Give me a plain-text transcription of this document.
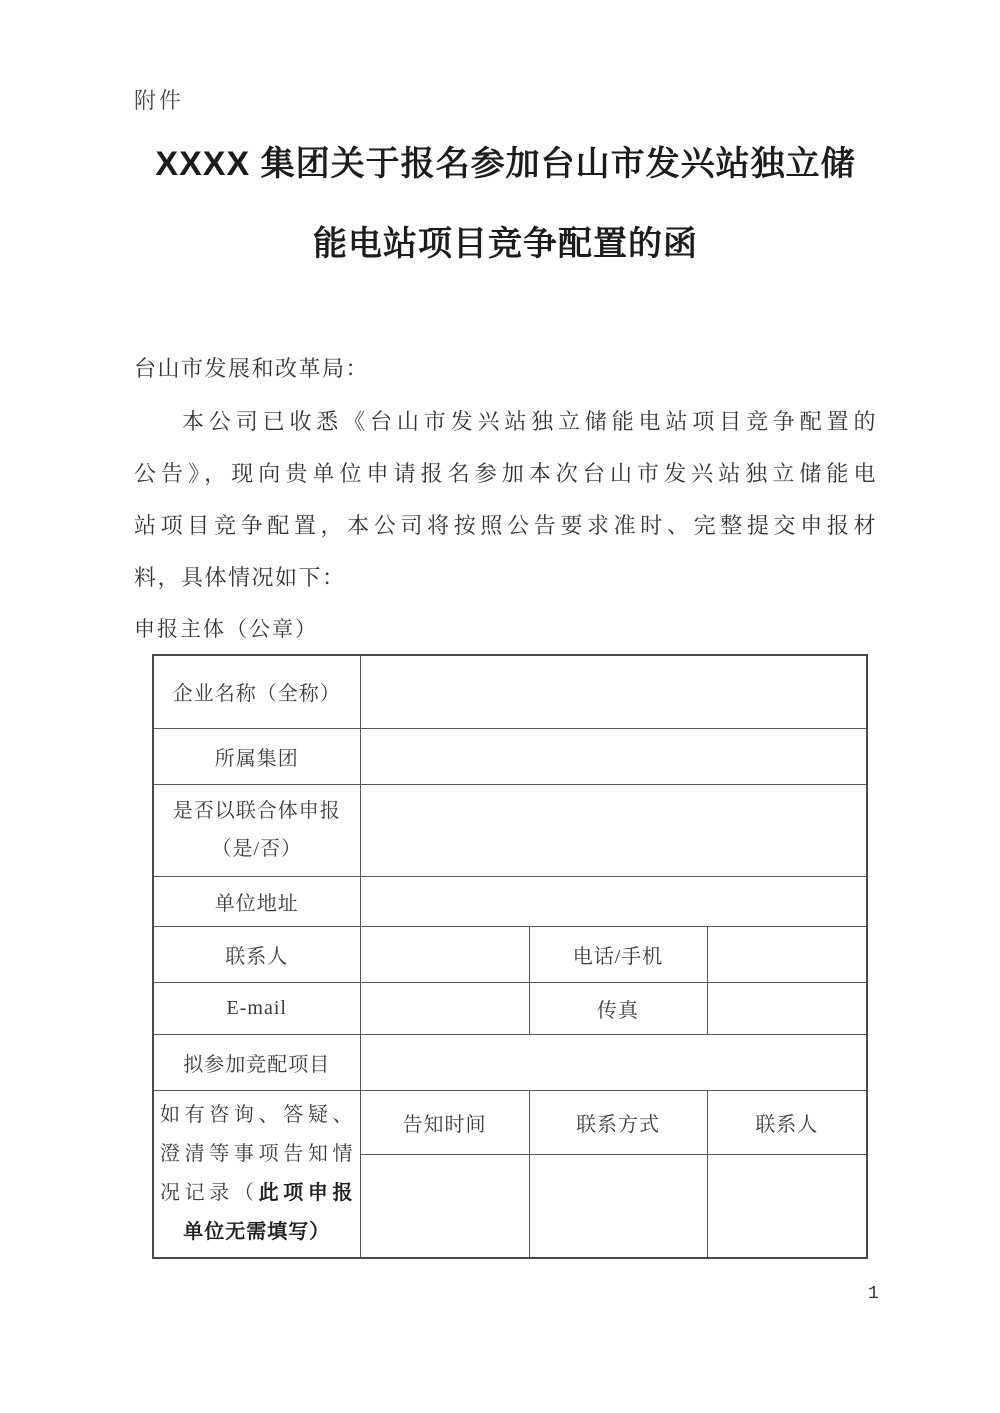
附件
XXXX 集团关于报名参加台山市发兴站独立储
能电站项目竞争配置的函
台山市发展和改革局：
本公司已收悉《台山市发兴站独立储能电站项目竞争配置的
公告》，现向贵单位申请报名参加本次台山市发兴站独立储能电
站项目竞争配置，本公司将按照公告要求准时、完整提交申报材
料，具体情况如下：
申报主体（公章）
企业名称（全称）			
所属集团			

是否以联合体申报
（是/否）			

单位地址			
联系人		电话/手机	
E-mail		传真	
拟参加竞配项目			

如有咨询、答疑、
澄清等事项告知情
况记录（此项申报
单位无需填写）	告知时间	联系方式	联系人

1
